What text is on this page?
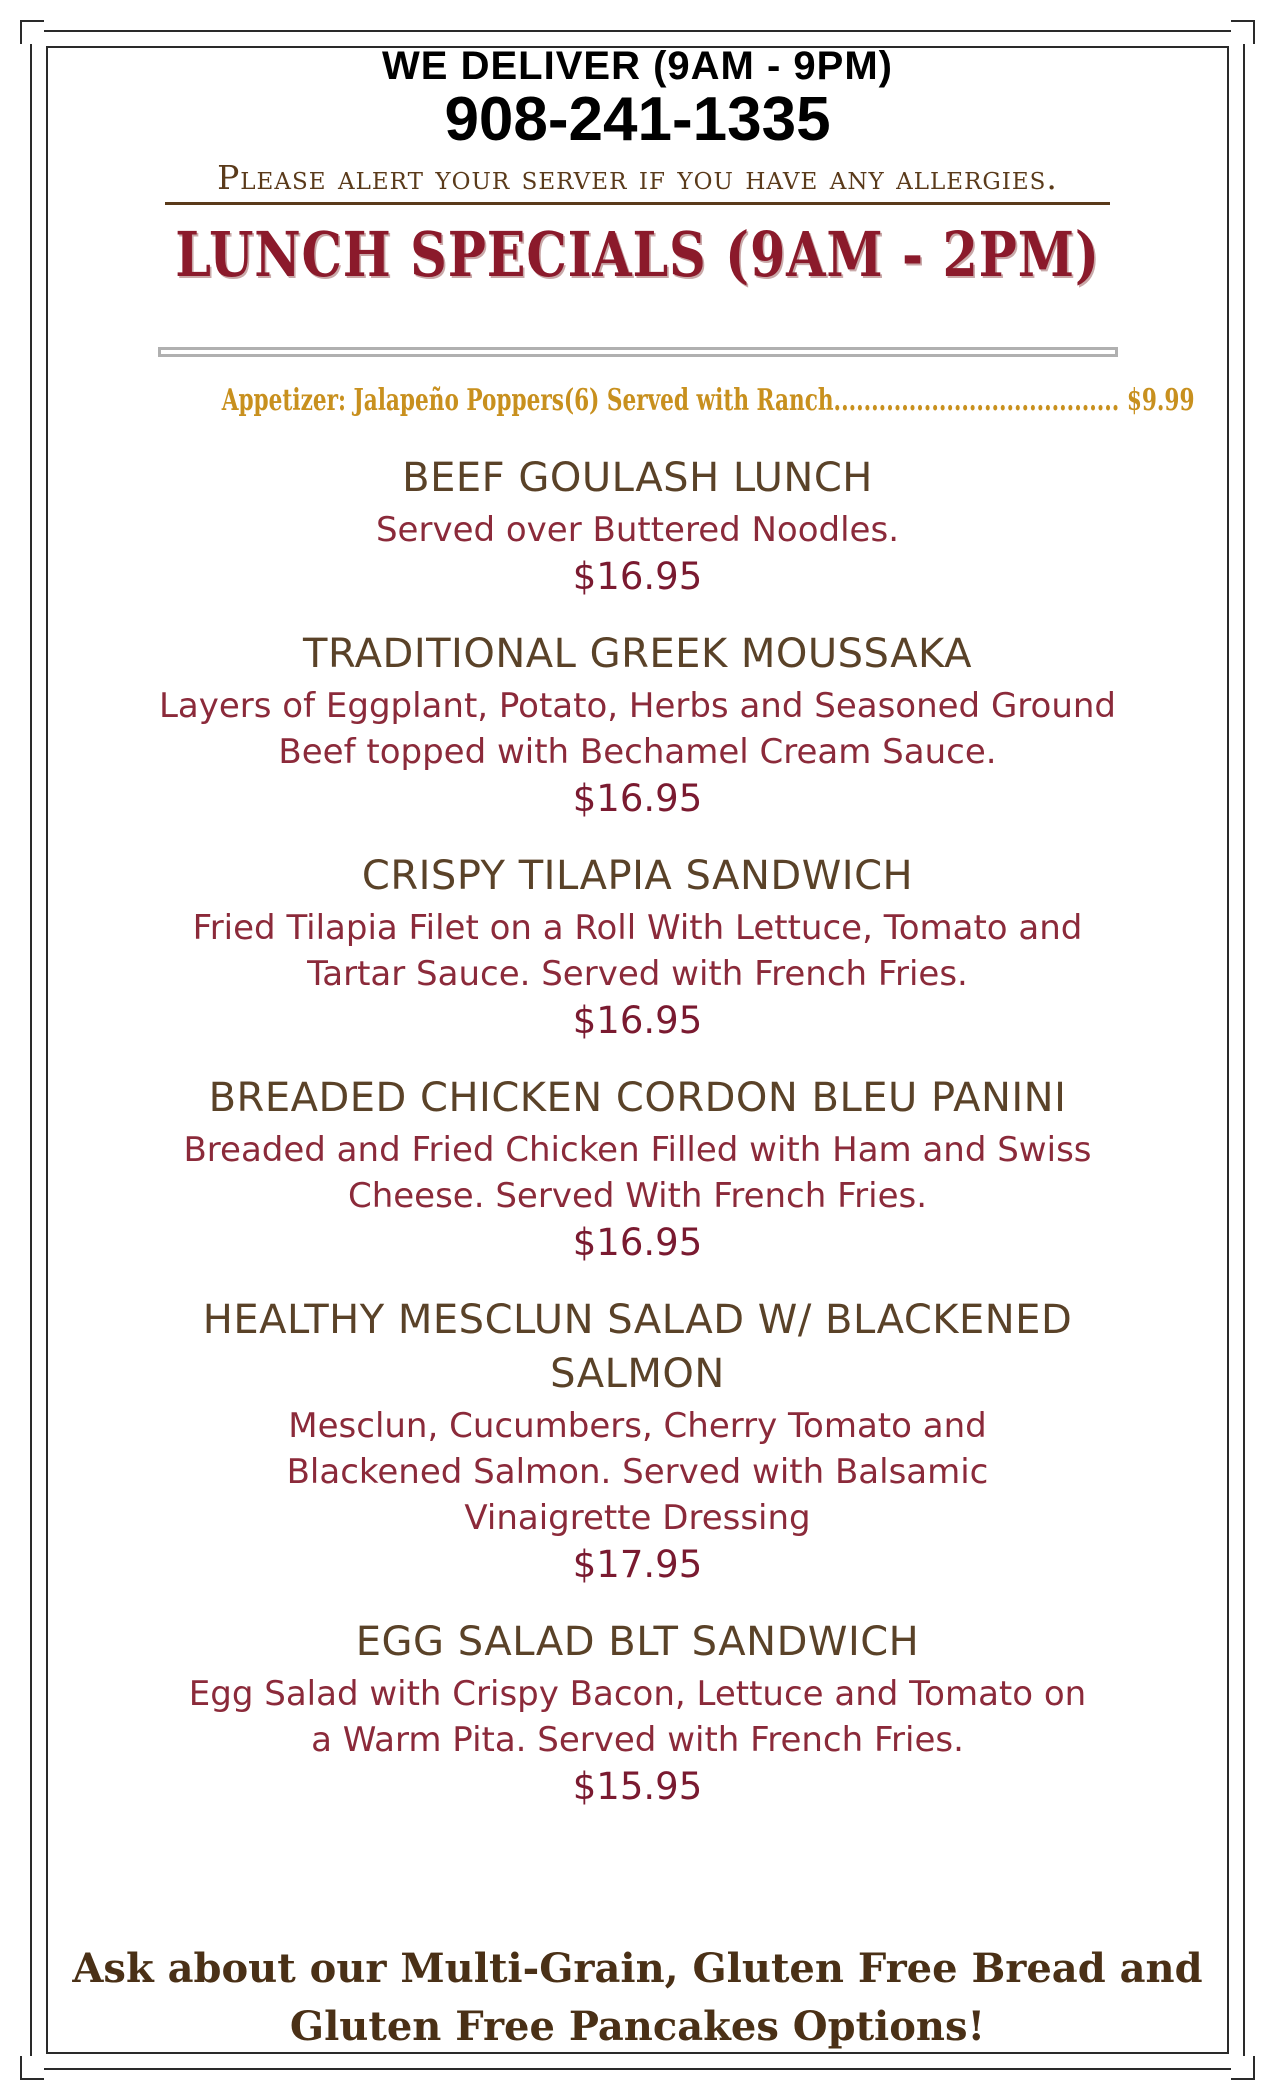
WE DELIVER (9AM - 9PM)
908-241-1335
Please alert your server if you have any allergies.
LUNCH SPECIALS (9AM - 2PM)
Appetizer: Jalapeño Poppers(6) Served with Ranch...................................... $9.99
BEEF GOULASH LUNCH
Served over Buttered Noodles.
$16.95
TRADITIONAL GREEK MOUSSAKA
Layers of Eggplant, Potato, Herbs and Seasoned Ground Beef topped with Bechamel Cream Sauce.
$16.95
CRISPY TILAPIA SANDWICH
Fried Tilapia Filet on a Roll With Lettuce, Tomato and Tartar Sauce. Served with French Fries.
$16.95
BREADED CHICKEN CORDON BLEU PANINI
Breaded and Fried Chicken Filled with Ham and Swiss Cheese. Served With French Fries.
$16.95
HEALTHY MESCLUN SALAD W/ BLACKENED SALMON
Mesclun, Cucumbers, Cherry Tomato and Blackened Salmon. Served with Balsamic Vinaigrette Dressing
$17.95
EGG SALAD BLT SANDWICH
Egg Salad with Crispy Bacon, Lettuce and Tomato on a Warm Pita. Served with French Fries.
$15.95
Ask about our Multi-Grain, Gluten Free Bread and
Gluten Free Pancakes Options!
